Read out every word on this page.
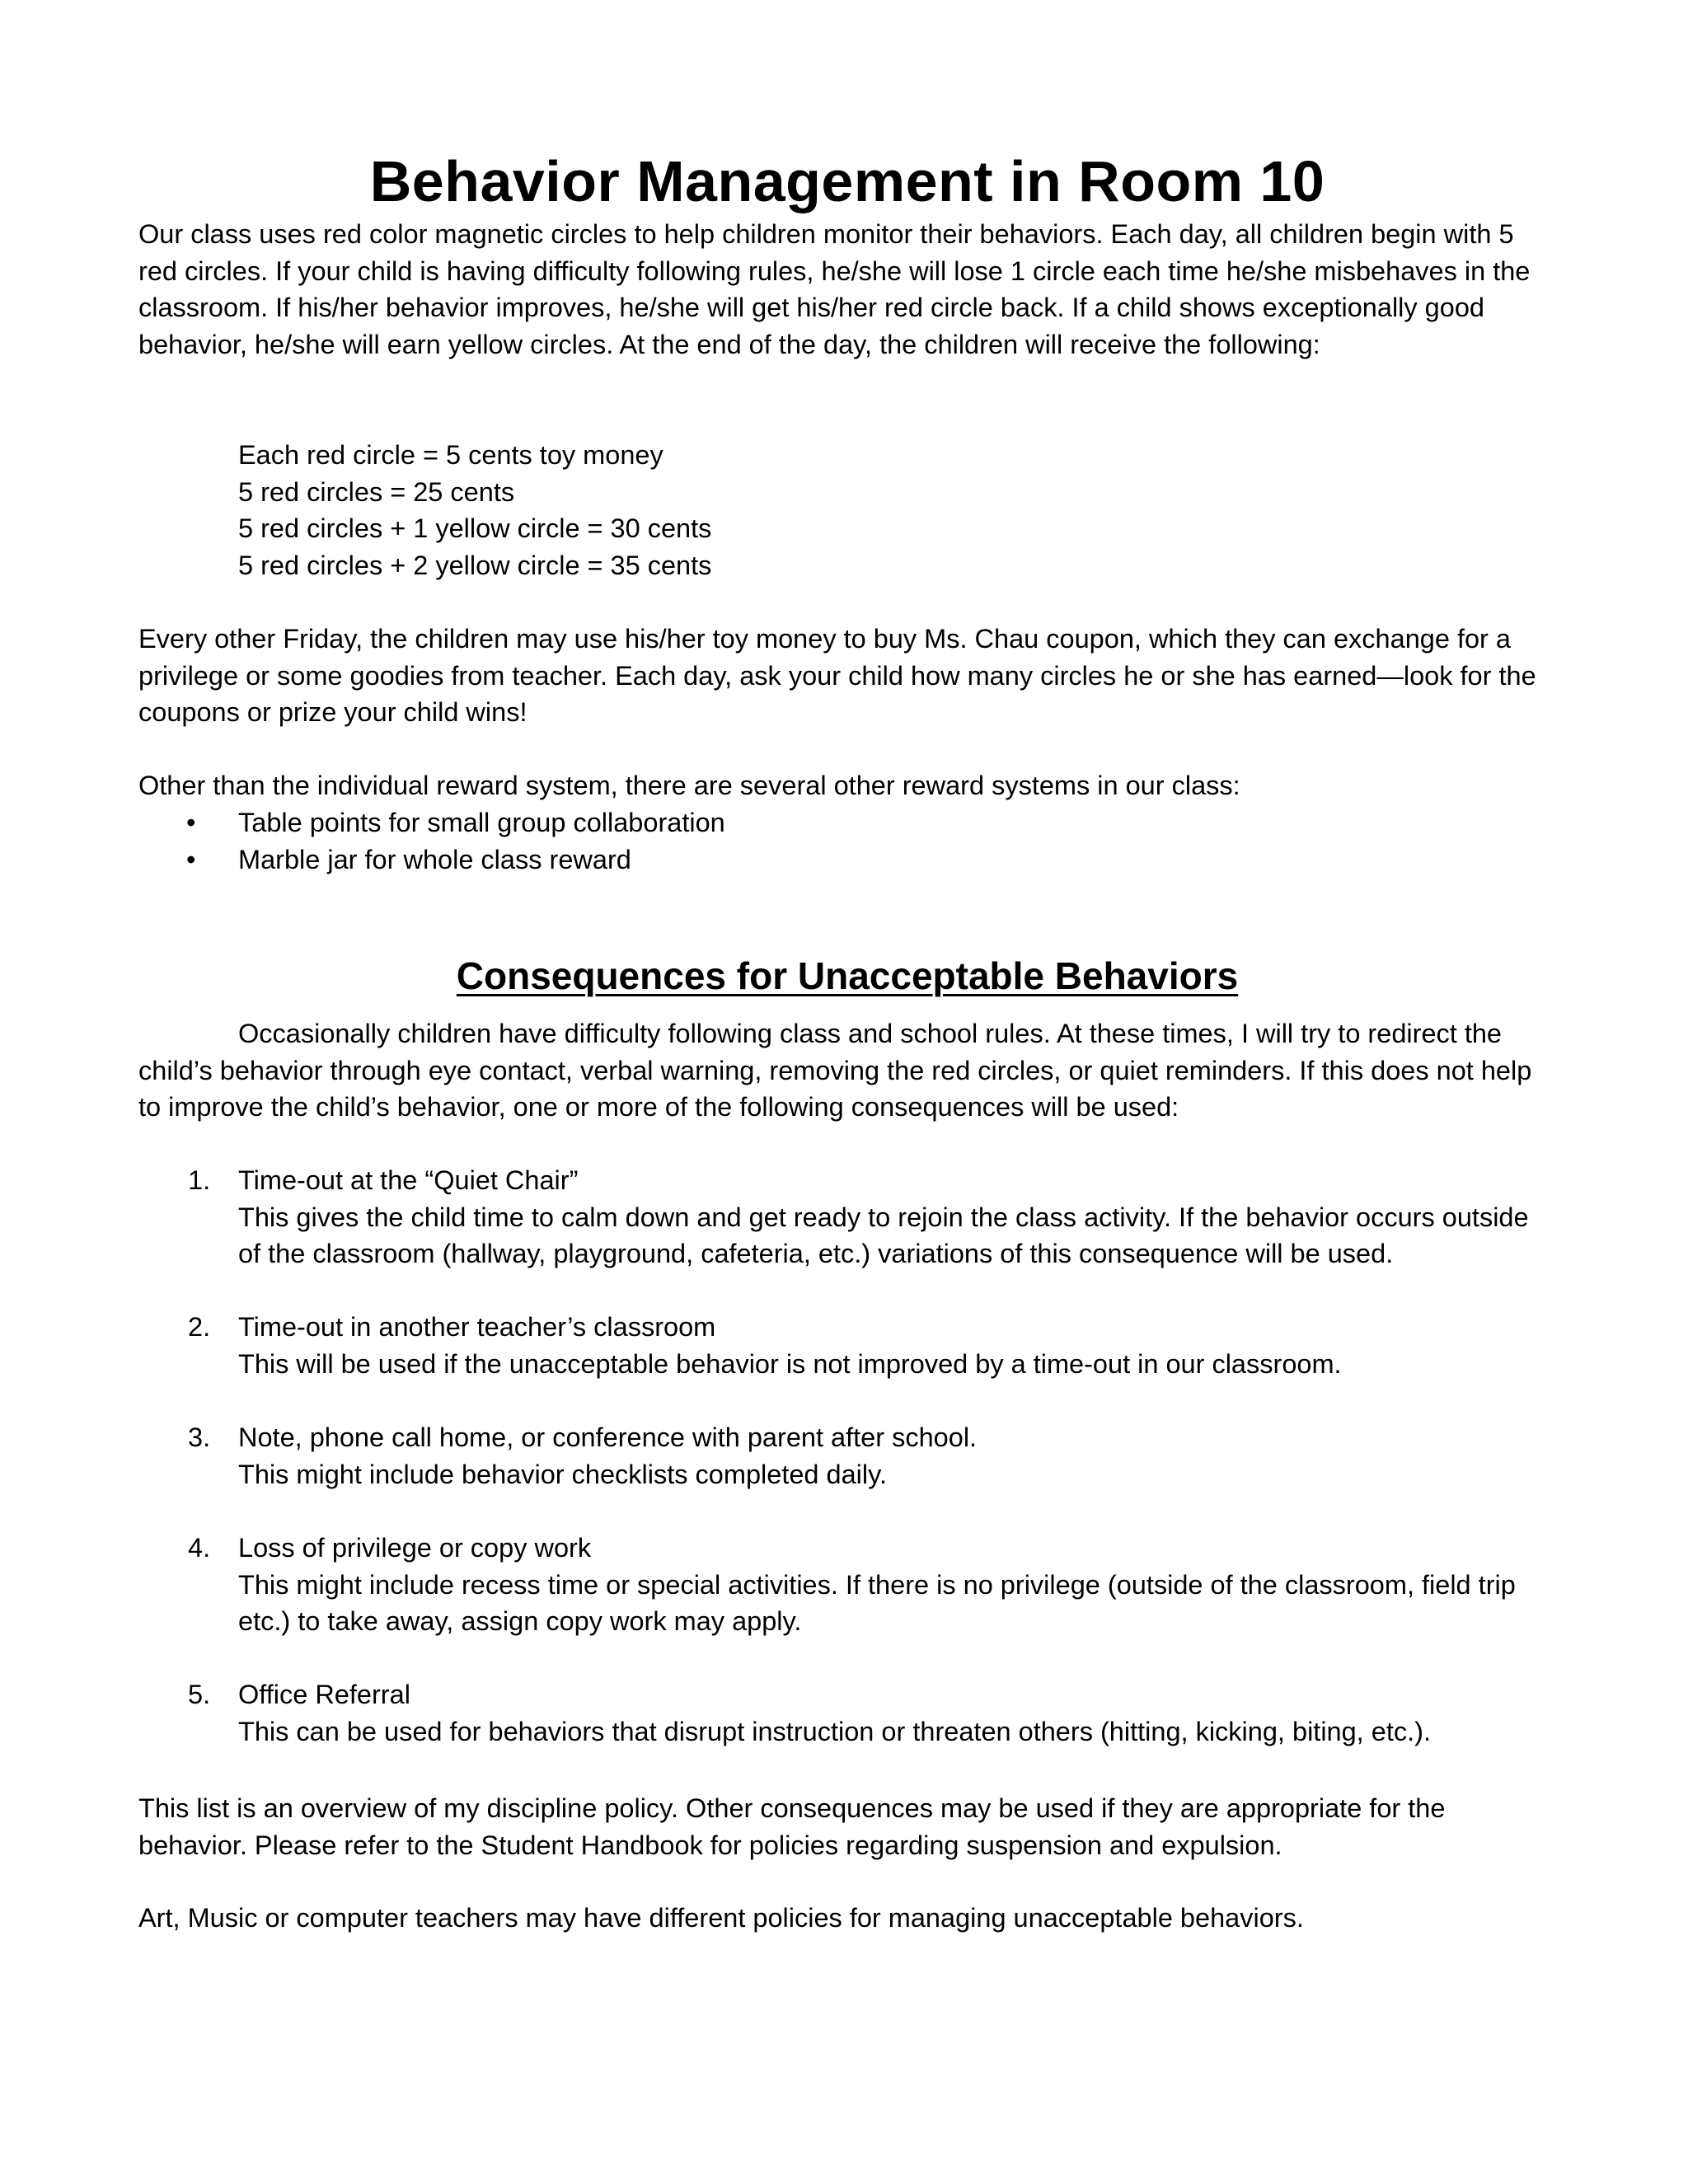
Behavior Management in Room 10

Our class uses red color magnetic circles to help children monitor their behaviors. Each day, all children begin with 5 red circles. If your child is having difficulty following rules, he/she will lose 1 circle each time he/she misbehaves in the classroom. If his/her behavior improves, he/she will get his/her red circle back. If a child shows exceptionally good behavior, he/she will earn yellow circles. At the end of the day, the children will receive the following:

Each red circle = 5 cents toy money
5 red circles = 25 cents
5 red circles + 1 yellow circle = 30 cents
5 red circles + 2 yellow circle = 35 cents

Every other Friday, the children may use his/her toy money to buy Ms. Chau coupon, which they can exchange for a privilege or some goodies from teacher. Each day, ask your child how many circles he or she has earned—look for the coupons or prize your child wins!

Other than the individual reward system, there are several other reward systems in our class:

• Table points for small group collaboration
• Marble jar for whole class reward
Consequences for Unacceptable Behaviors

Occasionally children have difficulty following class and school rules. At these times, I will try to redirect the child’s behavior through eye contact, verbal warning, removing the red circles, or quiet reminders. If this does not help to improve the child’s behavior, one or more of the following consequences will be used:

1. Time-out at the “Quiet Chair”
This gives the child time to calm down and get ready to rejoin the class activity. If the behavior occurs outside of the classroom (hallway, playground, cafeteria, etc.) variations of this consequence will be used.
2. Time-out in another teacher’s classroom
This will be used if the unacceptable behavior is not improved by a time-out in our classroom.
3. Note, phone call home, or conference with parent after school.
This might include behavior checklists completed daily.
4. Loss of privilege or copy work
This might include recess time or special activities. If there is no privilege (outside of the classroom, field trip etc.) to take away, assign copy work may apply.
5. Office Referral
This can be used for behaviors that disrupt instruction or threaten others (hitting, kicking, biting, etc.).

This list is an overview of my discipline policy. Other consequences may be used if they are appropriate for the behavior. Please refer to the Student Handbook for policies regarding suspension and expulsion.

Art, Music or computer teachers may have different policies for managing unacceptable behaviors.
